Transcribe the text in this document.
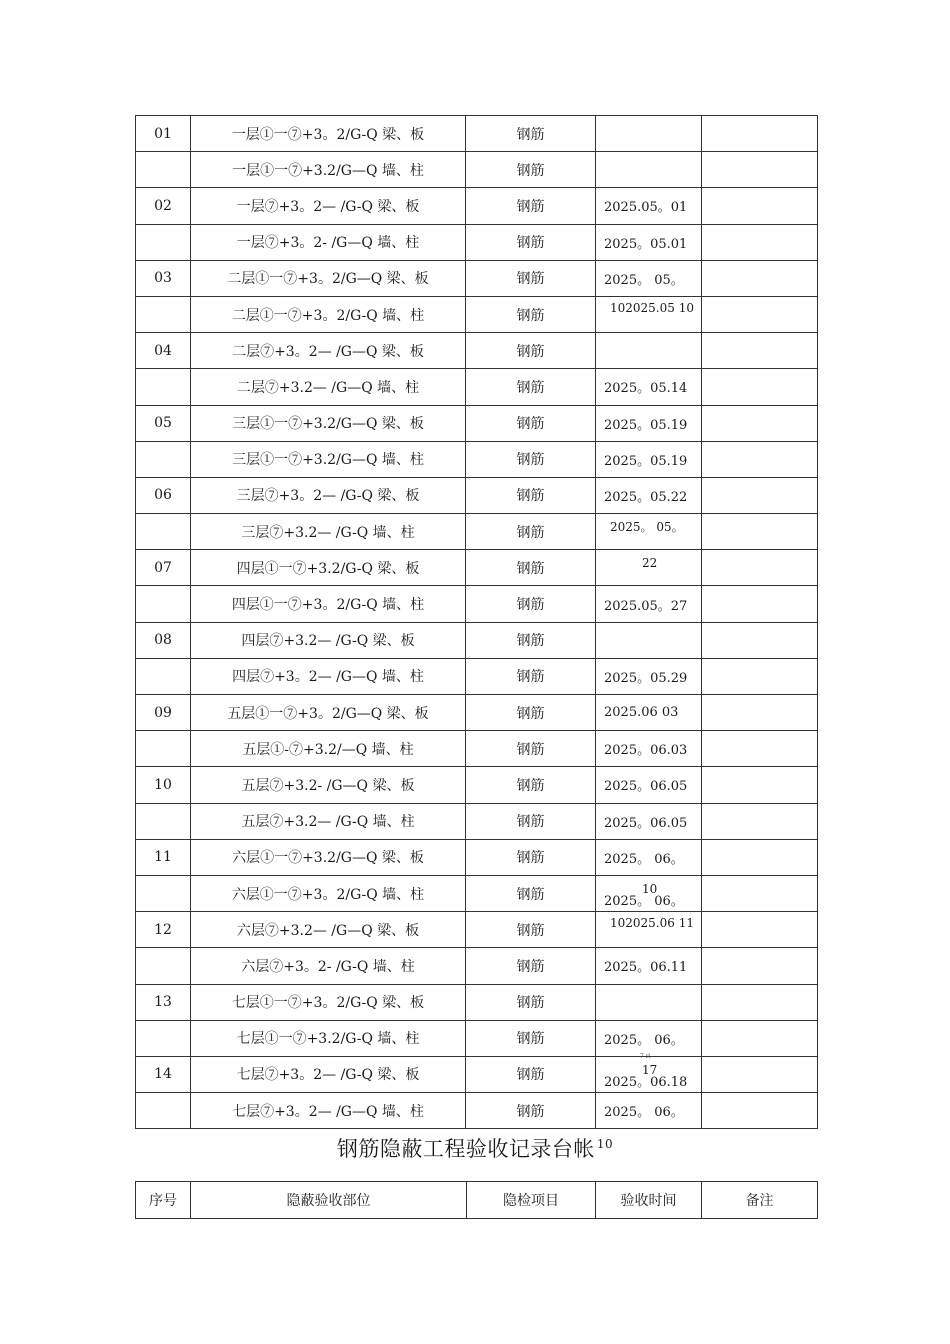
01	一层①一⑦+3。2/G-Q 梁、板	钢筋		
	一层①一⑦+3.2/G—Q 墙、柱	钢筋		
02	一层⑦+3。2— /G-Q 梁、板	钢筋	2025.05。01	
	一层⑦+3。2- /G—Q 墙、柱	钢筋	2025。05.01	
03	二层①一⑦+3。2/G—Q 梁、板	钢筋	2025。 05。	
	二层①一⑦+3。2/G-Q 墙、柱	钢筋	102025.05 10	

04	二层⑦+3。2— /G—Q 梁、板	钢筋		
	二层⑦+3.2— /G—Q 墙、柱	钢筋	2025。05.14	
05	三层①一⑦+3.2/G—Q 梁、板	钢筋	2025。05.19	
	三层①一⑦+3.2/G—Q 墙、柱	钢筋	2025。05.19	
06	三层⑦+3。2— /G-Q 梁、板	钢筋	2025。05.22	
	三层⑦+3.2— /G-Q 墙、柱	钢筋	2025。 05。	

07	四层①一⑦+3.2/G-Q 梁、板	钢筋	22	

	四层①一⑦+3。2/G-Q 墙、柱	钢筋	2025.05。27	
08	四层⑦+3.2— /G-Q 梁、板	钢筋		
	四层⑦+3。2— /G—Q 墙、柱	钢筋	2025。05.29	
09	五层①一⑦+3。2/G—Q 梁、板	钢筋	2025.06 03	
	五层①-⑦+3.2/—Q 墙、柱	钢筋	2025。06.03	
10	五层⑦+3.2- /G—Q 梁、板	钢筋	2025。06.05	
	五层⑦+3.2— /G-Q 墙、柱	钢筋	2025。06.05	
11	六层①一⑦+3.2/G—Q 梁、板	钢筋	2025。 06。	
	六层①一⑦+3。2/G-Q 墙、柱	钢筋	10
2025。 06。	

12	六层⑦+3.2— /G—Q 梁、板	钢筋	102025.06 11	

	六层⑦+3。2- /G-Q 墙、柱	钢筋	2025。06.11	
13	七层①一⑦+3。2/G-Q 梁、板	钢筋		
	七层①一⑦+3.2/G-Q 墙、柱	钢筋	2025。 06。	
14	七层⑦+3。2— /G-Q 梁、板	钢筋	7 ri
17
2025。06.18	

	七层⑦+3。2— /G—Q 墙、柱	钢筋	2025。 06。	
钢筋隐蔽工程验收记录台帐 $^{10}$
序号	隐蔽验收部位	隐检项目	验收时间	备注
